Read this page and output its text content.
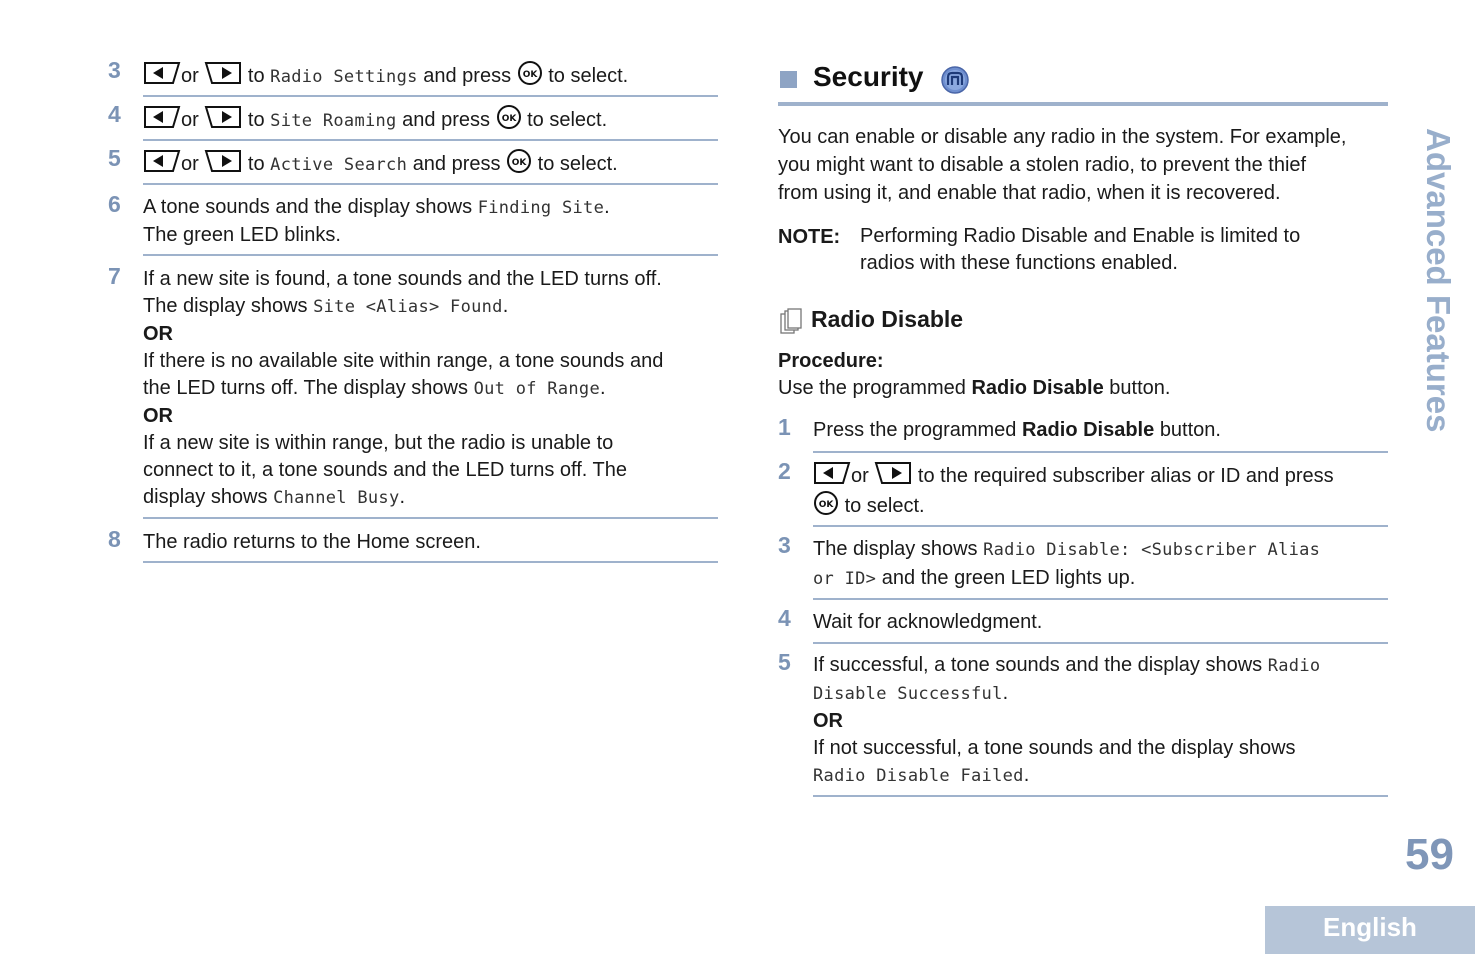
3	or to Radio Settings and press OK to select.
4	or to Site Roaming and press OK to select.
5	or to Active Search and press OK to select.
6 A tone sounds and the display shows Finding Site.
The green LED blinks.
7 If a new site is found, a tone sounds and the LED turns off.
The display shows Site <Alias> Found.
OR
If there is no available site within range, a tone sounds and
the LED turns off. The display shows Out of Range.
OR
If a new site is within range, but the radio is unable to
connect to it, a tone sounds and the LED turns off. The
display shows Channel Busy.
8 The radio returns to the Home screen.
Security
You can enable or disable any radio in the system. For example,
you might want to disable a stolen radio, to prevent the thief
from using it, and enable that radio, when it is recovered.
NOTE: Performing Radio Disable and Enable is limited to
radios with these functions enabled.
Radio Disable
Procedure:
Use the programmed Radio Disable button.
1 Press the programmed Radio Disable button.
2	or to the required subscriber alias or ID and press
OK to select.
3 The display shows Radio Disable: <Subscriber Alias
or ID> and the green LED lights up.
4 Wait for acknowledgment.
5 If successful, a tone sounds and the display shows Radio
Disable Successful.
OR
If not successful, a tone sounds and the display shows
Radio Disable Failed.
Advanced Features
59
English
